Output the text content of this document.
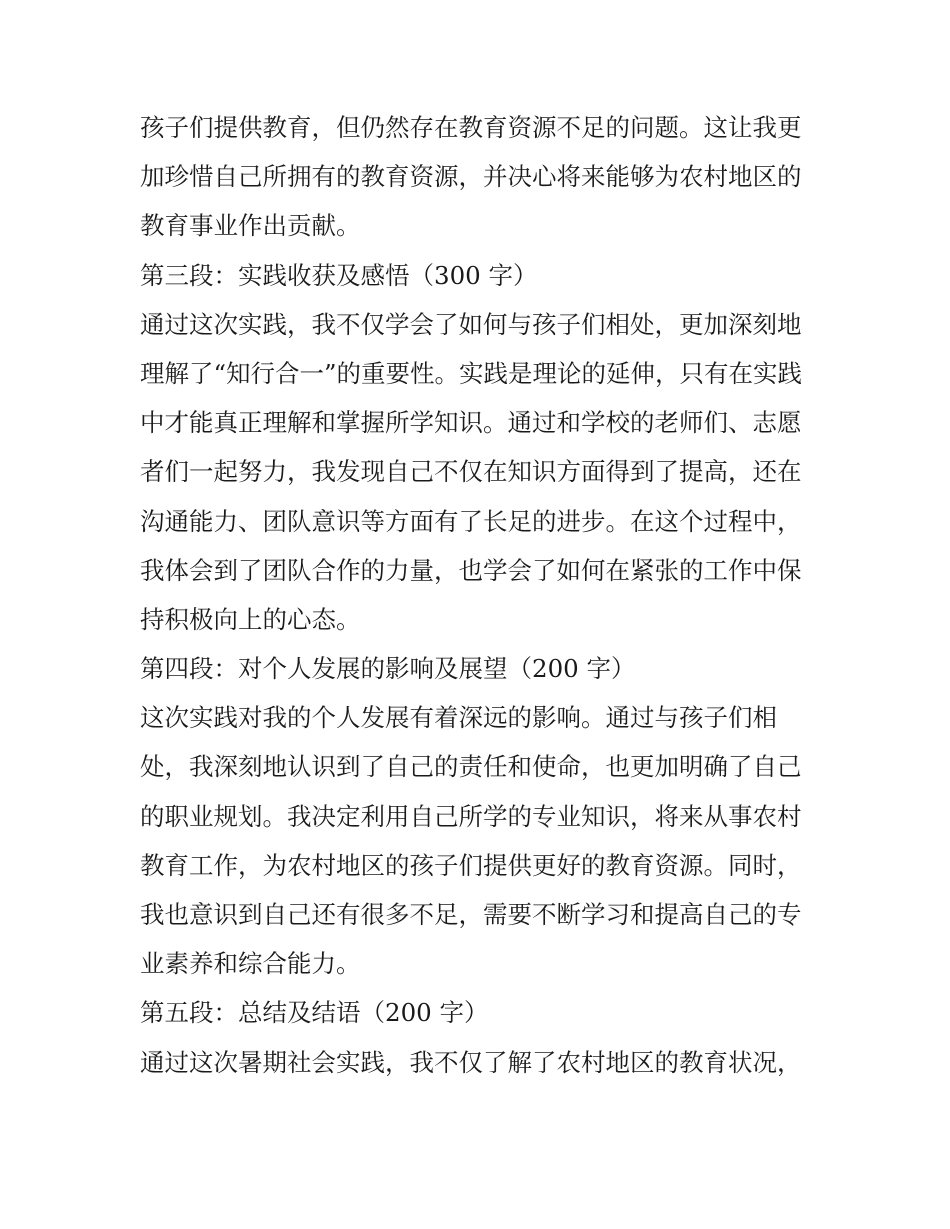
孩子们提供教育，但仍然存在教育资源不足的问题。这让我更
加珍惜自己所拥有的教育资源，并决心将来能够为农村地区的
教育事业作出贡献。
第三段：实践收获及感悟（300 字）
通过这次实践，我不仅学会了如何与孩子们相处，更加深刻地
理解了“知行合一”的重要性。实践是理论的延伸，只有在实践
中才能真正理解和掌握所学知识。通过和学校的老师们、志愿
者们一起努力，我发现自己不仅在知识方面得到了提高，还在
沟通能力、团队意识等方面有了长足的进步。在这个过程中，
我体会到了团队合作的力量，也学会了如何在紧张的工作中保
持积极向上的心态。
第四段：对个人发展的影响及展望（200 字）
这次实践对我的个人发展有着深远的影响。通过与孩子们相
处，我深刻地认识到了自己的责任和使命，也更加明确了自己
的职业规划。我决定利用自己所学的专业知识，将来从事农村
教育工作，为农村地区的孩子们提供更好的教育资源。同时，
我也意识到自己还有很多不足，需要不断学习和提高自己的专
业素养和综合能力。
第五段：总结及结语（200 字）
通过这次暑期社会实践，我不仅了解了农村地区的教育状况，
